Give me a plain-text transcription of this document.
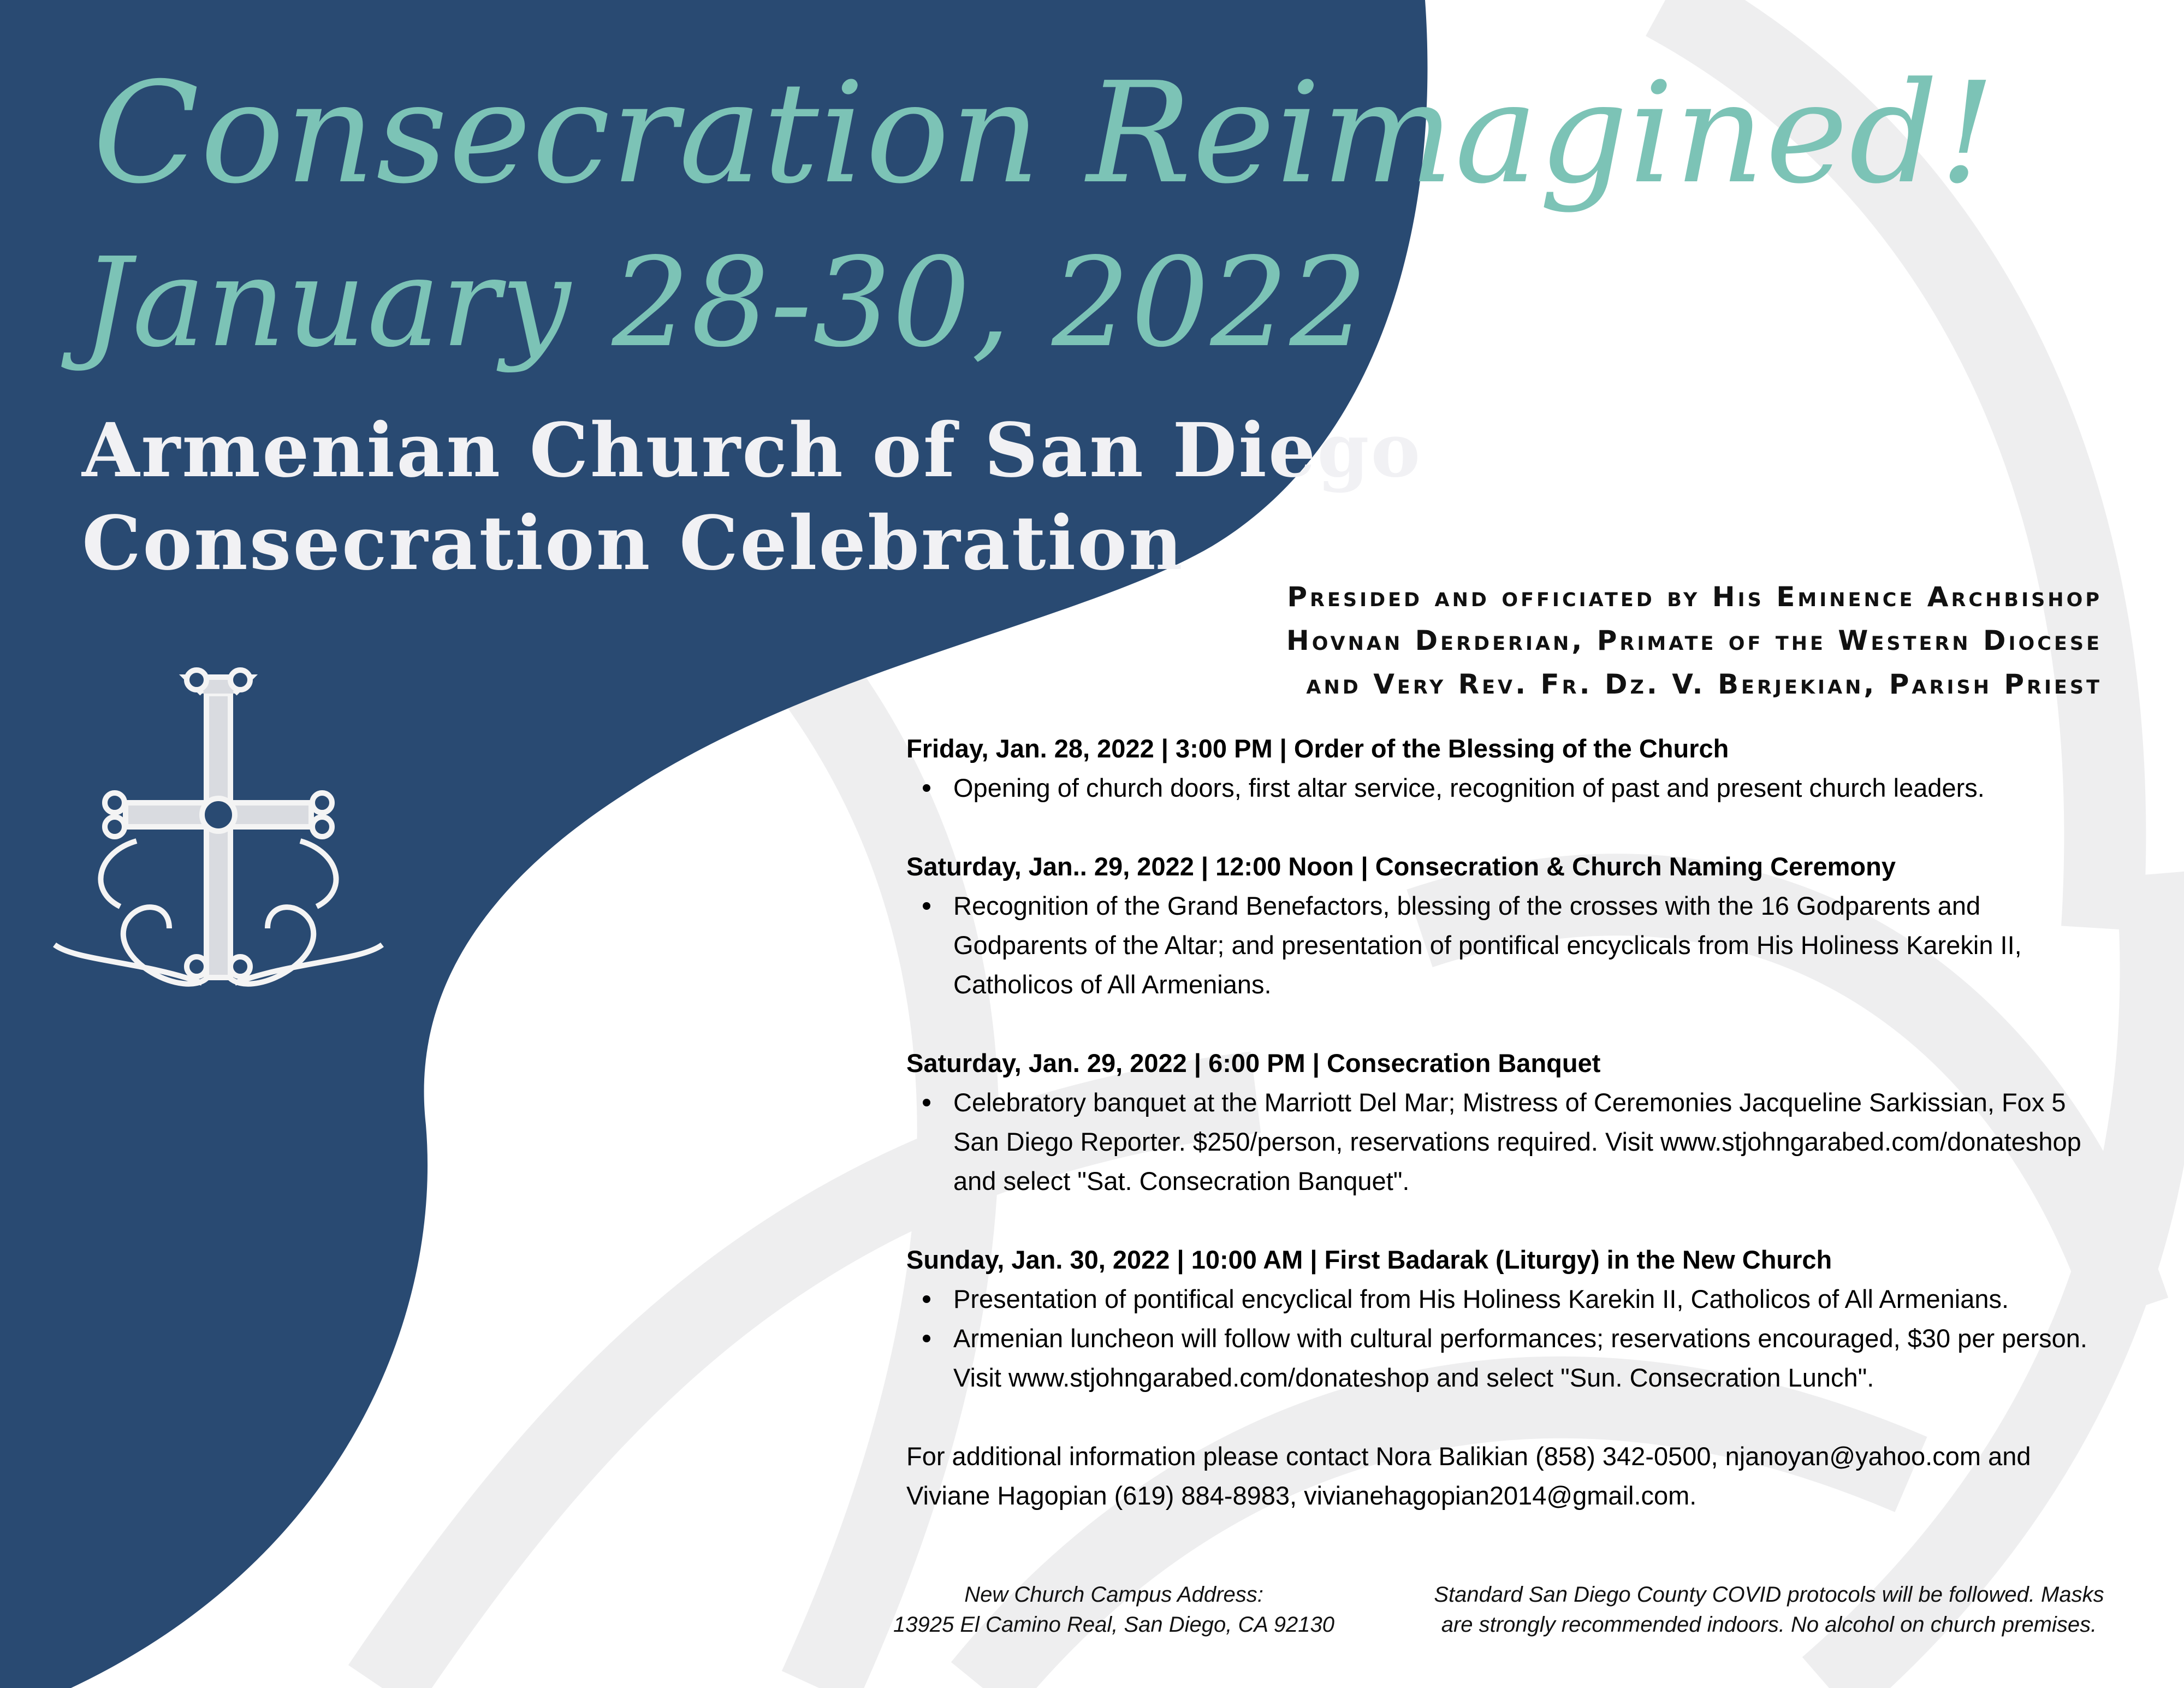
Consecration Reimagined!
January 28-30, 2022
Armenian Church of San Diego
Consecration Celebration
Presided and officiated by His Eminence Archbishop
Hovnan Derderian, Primate of the Western Diocese
and Very Rev. Fr. Dz. V. Berjekian, Parish Priest
Friday, Jan. 28, 2022 | 3:00 PM | Order of the Blessing of the Church
Opening of church doors, first altar service, recognition of past and present church leaders.
Saturday, Jan.. 29, 2022 | 12:00 Noon | Consecration & Church Naming Ceremony
Recognition of the Grand Benefactors, blessing of the crosses with the 16 Godparents and Godparents of the Altar; and presentation of pontifical encyclicals from His Holiness Karekin II, Catholicos of All Armenians.
Saturday, Jan. 29, 2022 | 6:00 PM | Consecration Banquet
Celebratory banquet at the Marriott Del Mar; Mistress of Ceremonies Jacqueline Sarkissian, Fox 5 San Diego Reporter. $250/person, reservations required. Visit www.stjohngarabed.com/donateshop and select "Sat. Consecration Banquet".
Sunday, Jan. 30, 2022 | 10:00 AM | First Badarak (Liturgy) in the New Church
Presentation of pontifical encyclical from His Holiness Karekin II, Catholicos of All Armenians.
Armenian luncheon will follow with cultural performances; reservations encouraged, $30 per person. Visit www.stjohngarabed.com/donateshop and select "Sun. Consecration Lunch".
For additional information please contact Nora Balikian (858) 342-0500, njanoyan@yahoo.com and Viviane Hagopian (619) 884-8983, vivianehagopian2014@gmail.com.
New Church Campus Address:
13925 El Camino Real, San Diego, CA 92130
Standard San Diego County COVID protocols will be followed. Masks
are strongly recommended indoors. No alcohol on church premises.
